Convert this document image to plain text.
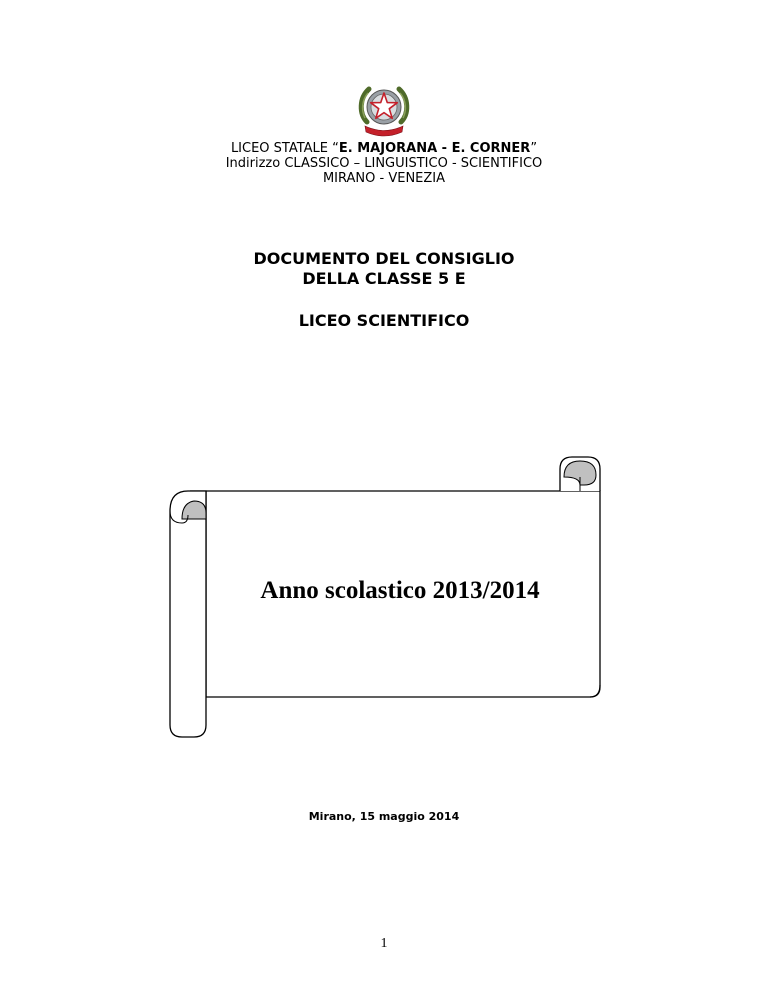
LICEO STATALE “E. MAJORANA - E. CORNER”
Indirizzo CLASSICO – LINGUISTICO - SCIENTIFICO
MIRANO - VENEZIA
DOCUMENTO DEL CONSIGLIO
DELLA CLASSE 5 E
LICEO SCIENTIFICO
Anno scolastico 2013/2014
Mirano, 15 maggio 2014
1
